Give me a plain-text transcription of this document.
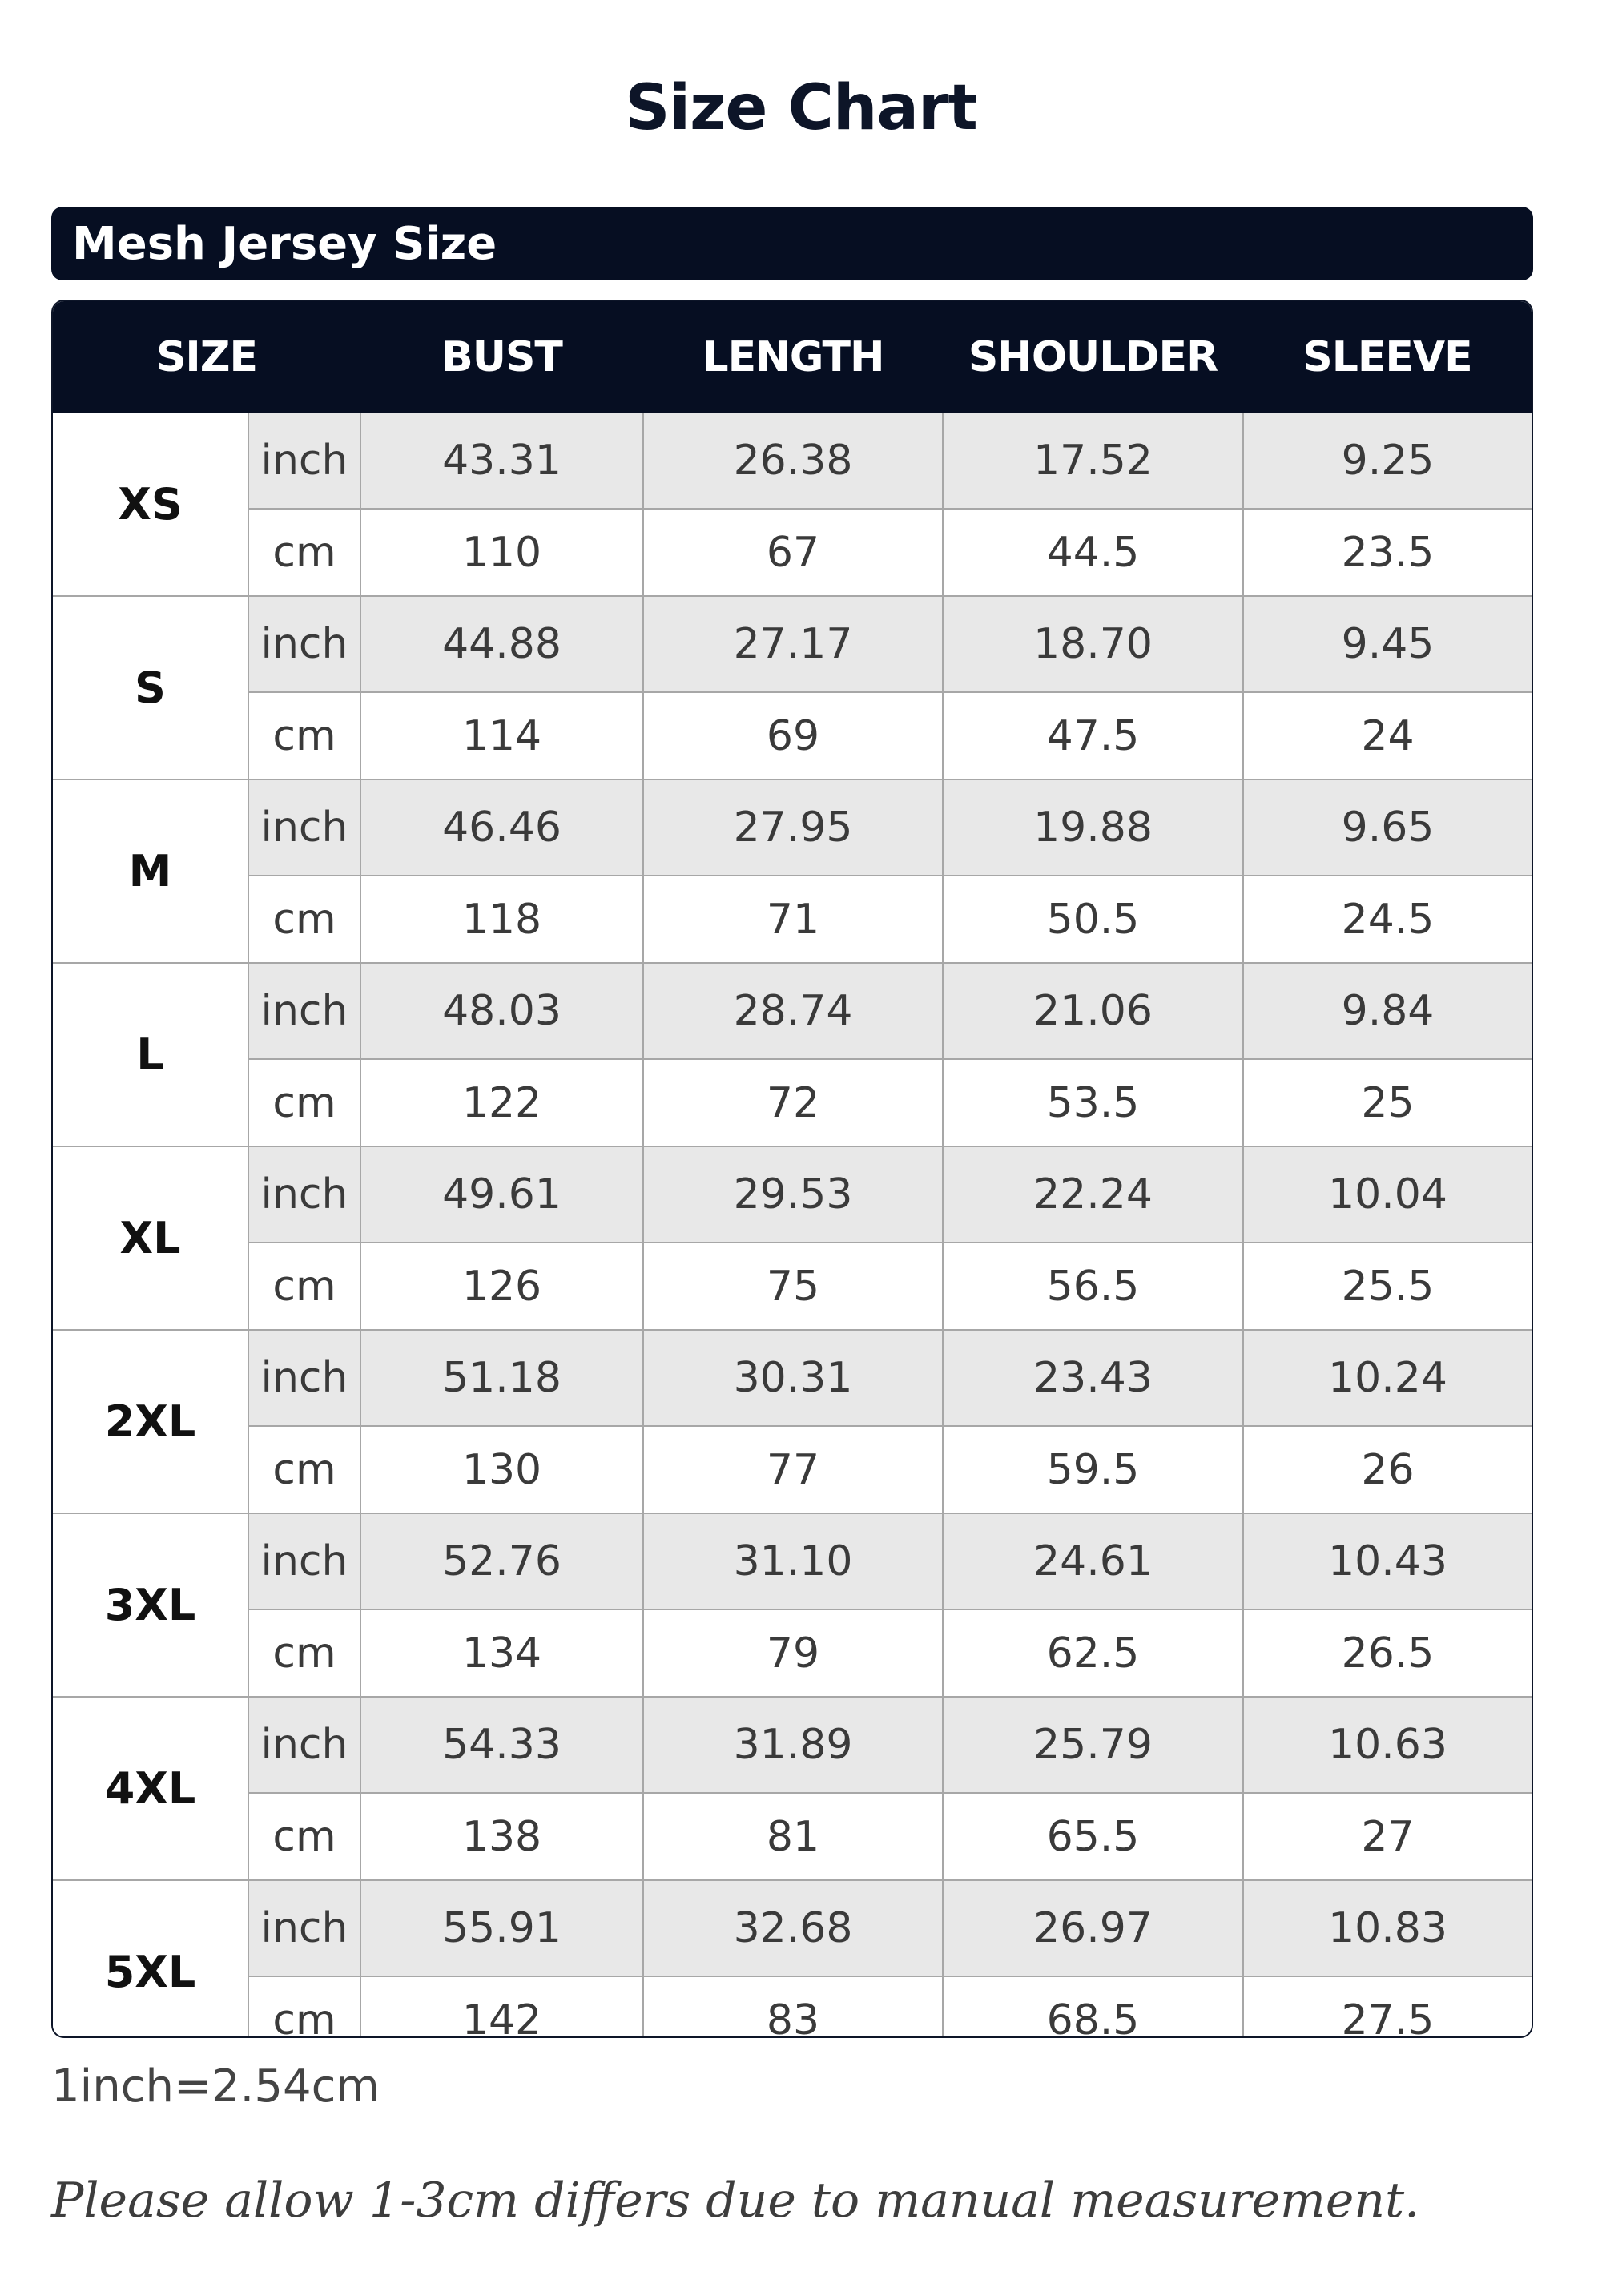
Size Chart
Mesh Jersey Size
SIZE		BUST	LENGTH	SHOULDER	SLEEVE
XS	inch	43.31	26.38	17.52	9.25
	cm	110	67	44.5	23.5
S	inch	44.88	27.17	18.70	9.45
	cm	114	69	47.5	24
M	inch	46.46	27.95	19.88	9.65
	cm	118	71	50.5	24.5
L	inch	48.03	28.74	21.06	9.84
	cm	122	72	53.5	25
XL	inch	49.61	29.53	22.24	10.04
	cm	126	75	56.5	25.5
2XL	inch	51.18	30.31	23.43	10.24
	cm	130	77	59.5	26
3XL	inch	52.76	31.10	24.61	10.43
	cm	134	79	62.5	26.5
4XL	inch	54.33	31.89	25.79	10.63
	cm	138	81	65.5	27
5XL	inch	55.91	32.68	26.97	10.83
	cm	142	83	68.5	27.5
1inch=2.54cm
Please allow 1-3cm differs due to manual measurement.
